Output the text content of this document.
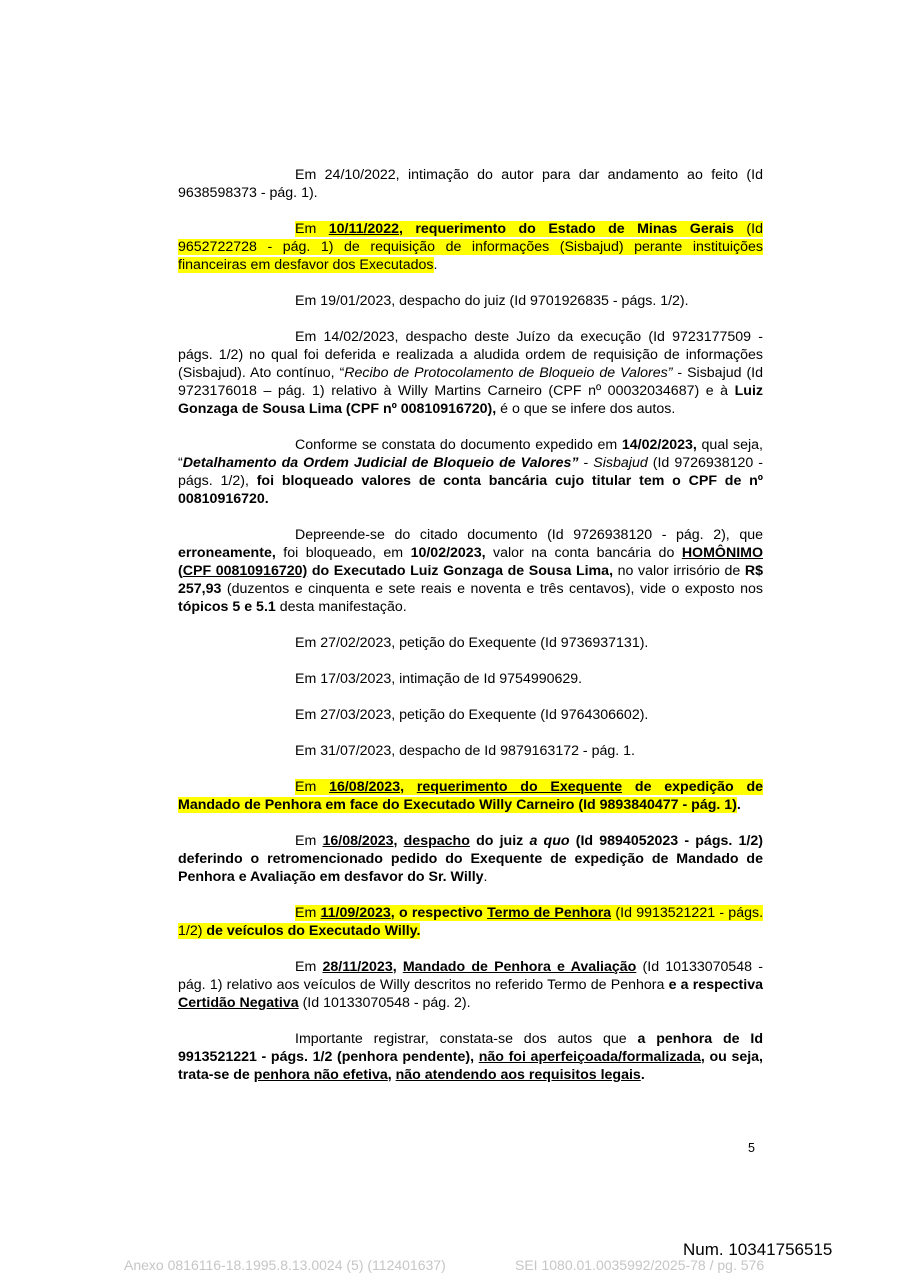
Em 24/10/2022, intimação do autor para dar andamento ao feito (Id 9638598373 - pág. 1).

Em 10/11/2022, requerimento do Estado de Minas Gerais (Id 9652722728 - pág. 1) de requisição de informações (Sisbajud) perante instituições financeiras em desfavor dos Executados.

Em 19/01/2023, despacho do juiz (Id 9701926835 - págs. 1/2).

Em 14/02/2023, despacho deste Juízo da execução (Id 9723177509 - págs. 1/2) no qual foi deferida e realizada a aludida ordem de requisição de informações (Sisbajud). Ato contínuo, “Recibo de Protocolamento de Bloqueio de Valores” - Sisbajud (Id 9723176018 – pág. 1) relativo à Willy Martins Carneiro (CPF nº 00032034687) e à Luiz Gonzaga de Sousa Lima (CPF nº 00810916720), é o que se infere dos autos.

Conforme se constata do documento expedido em 14/02/2023, qual seja, “Detalhamento da Ordem Judicial de Bloqueio de Valores” - Sisbajud (Id 9726938120 - págs. 1/2), foi bloqueado valores de conta bancária cujo titular tem o CPF de nº 00810916720.

Depreende-se do citado documento (Id 9726938120 - pág. 2), que erroneamente, foi bloqueado, em 10/02/2023, valor na conta bancária do HOMÔNIMO (CPF 00810916720) do Executado Luiz Gonzaga de Sousa Lima, no valor irrisório de R$ 257,93 (duzentos e cinquenta e sete reais e noventa e três centavos), vide o exposto nos tópicos 5 e 5.1 desta manifestação.

Em 27/02/2023, petição do Exequente (Id 9736937131).

Em 17/03/2023, intimação de Id 9754990629.

Em 27/03/2023, petição do Exequente (Id 9764306602).

Em 31/07/2023, despacho de Id 9879163172 - pág. 1.

Em 16/08/2023, requerimento do Exequente de expedição de Mandado de Penhora em face do Executado Willy Carneiro (Id 9893840477 - pág. 1).

Em 16/08/2023, despacho do juiz a quo (Id 9894052023 - págs. 1/2) deferindo o retromencionado pedido do Exequente de expedição de Mandado de Penhora e Avaliação em desfavor do Sr. Willy.

Em 11/09/2023, o respectivo Termo de Penhora (Id 9913521221 - págs. 1/2) de veículos do Executado Willy.

Em 28/11/2023, Mandado de Penhora e Avaliação (Id 10133070548 - pág. 1) relativo aos veículos de Willy descritos no referido Termo de Penhora e a respectiva Certidão Negativa (Id 10133070548 - pág. 2).

Importante registrar, constata-se dos autos que a penhora de Id 9913521221 - págs. 1/2 (penhora pendente), não foi aperfeiçoada/formalizada, ou seja, trata-se de penhora não efetiva, não atendendo aos requisitos legais.

5
Num. 10341756515
Anexo 0816116-18.1995.8.13.0024 (5) (112401637)	SEI 1080.01.0035992/2025-78 / pg. 576
